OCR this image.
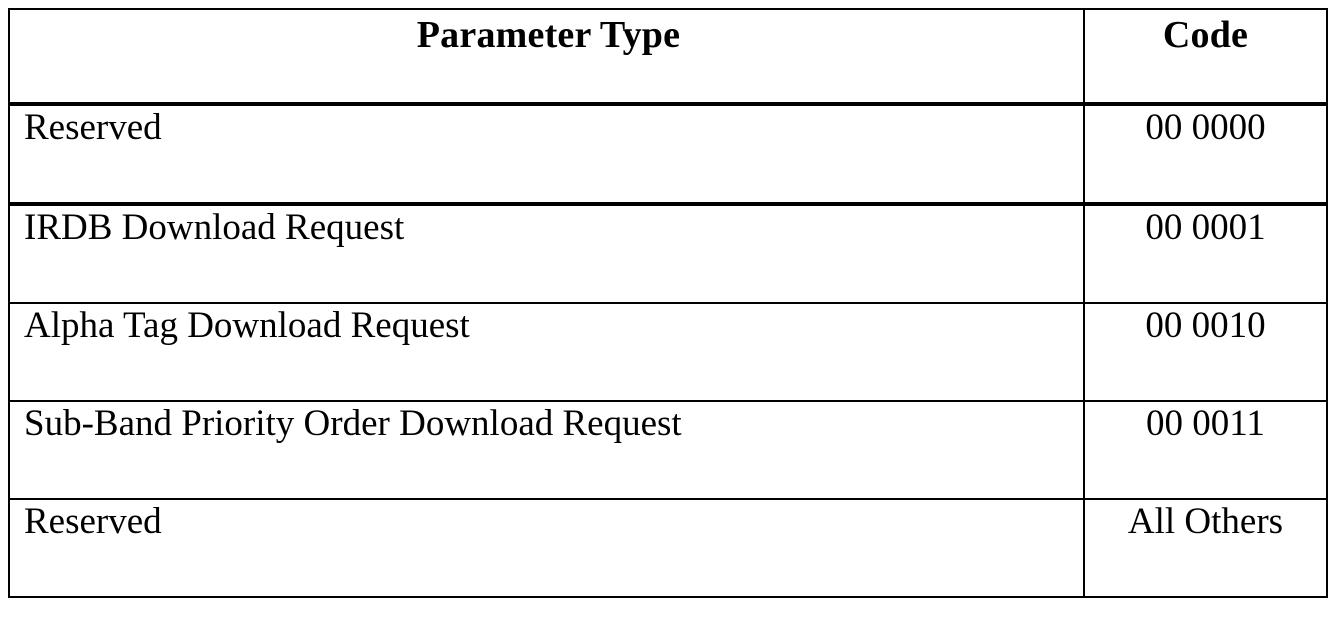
Parameter Type	Code

Reserved	00 0000

IRDB Download Request	00 0001

Alpha Tag Download Request	00 0010

Sub-Band Priority Order Download Request	00 0011

Reserved	All Others
